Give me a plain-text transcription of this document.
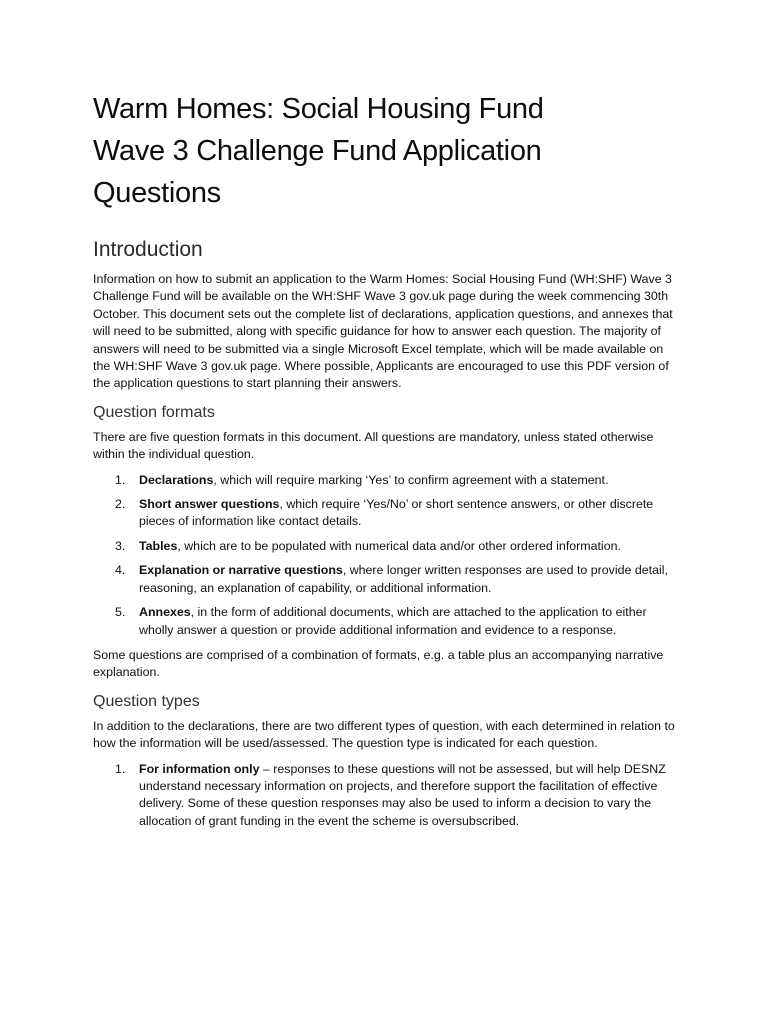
Warm Homes: Social Housing Fund
Wave 3 Challenge Fund Application
Questions
Introduction

Information on how to submit an application to the Warm Homes: Social Housing Fund (WH:SHF) Wave 3 Challenge Fund will be available on the WH:SHF Wave 3 gov.uk page during the week commencing 30th October. This document sets out the complete list of declarations, application questions, and annexes that will need to be submitted, along with specific guidance for how to answer each question. The majority of answers will need to be submitted via a single Microsoft Excel template, which will be made available on the WH:SHF Wave 3 gov.uk page. Where possible, Applicants are encouraged to use this PDF version of the application questions to start planning their answers.

Question formats

There are five question formats in this document. All questions are mandatory, unless stated otherwise within the individual question.

1. Declarations, which will require marking ‘Yes’ to confirm agreement with a statement.
2. Short answer questions, which require ‘Yes/No’ or short sentence answers, or other discrete pieces of information like contact details.
3. Tables, which are to be populated with numerical data and/or other ordered information.
4. Explanation or narrative questions, where longer written responses are used to provide detail, reasoning, an explanation of capability, or additional information.
5. Annexes, in the form of additional documents, which are attached to the application to either wholly answer a question or provide additional information and evidence to a response.

Some questions are comprised of a combination of formats, e.g. a table plus an accompanying narrative explanation.

Question types

In addition to the declarations, there are two different types of question, with each determined in relation to how the information will be used/assessed. The question type is indicated for each question.

1. For information only – responses to these questions will not be assessed, but will help DESNZ understand necessary information on projects, and therefore support the facilitation of effective delivery. Some of these question responses may also be used to inform a decision to vary the allocation of grant funding in the event the scheme is oversubscribed.
